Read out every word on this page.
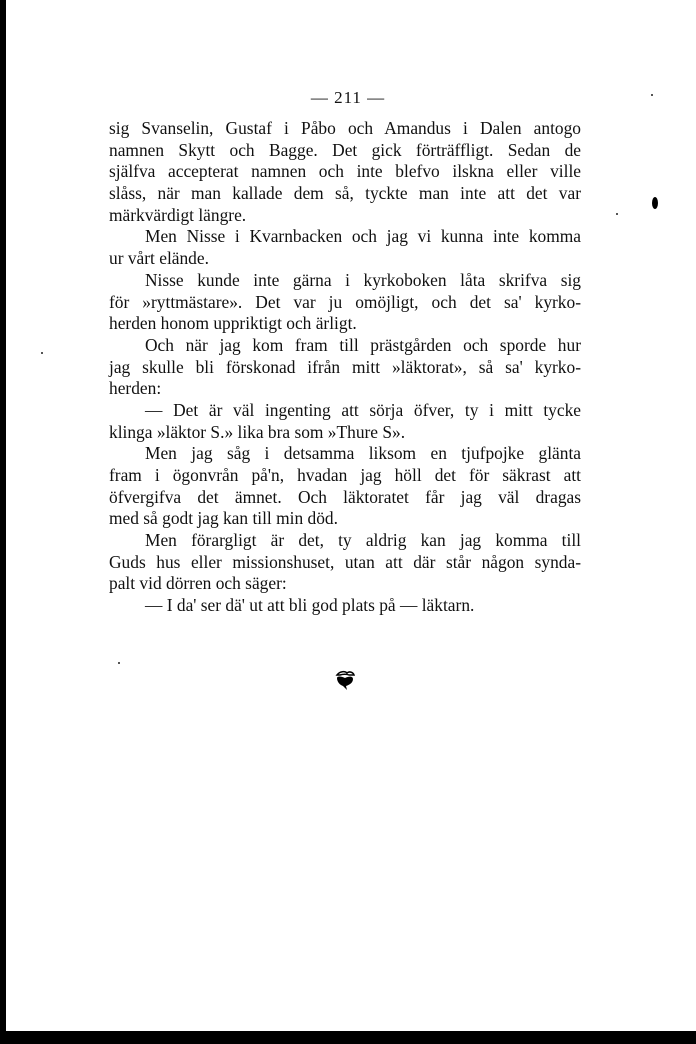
— 211 —
sig Svanselin, Gustaf i Påbo och Amandus i Dalen antogo
namnen Skytt och Bagge. Det gick förträffligt. Sedan de
själfva accepterat namnen och inte blefvo ilskna eller ville
slåss, när man kallade dem så, tyckte man inte att det var
märkvärdigt längre.
Men Nisse i Kvarnbacken och jag vi kunna inte komma
ur vårt elände.
Nisse kunde inte gärna i kyrkoboken låta skrifva sig
för »ryttmästare». Det var ju omöjligt, och det sa' kyrko-
herden honom uppriktigt och ärligt.
Och när jag kom fram till prästgården och sporde hur
jag skulle bli förskonad ifrån mitt »läktorat», så sa' kyrko-
herden:
— Det är väl ingenting att sörja öfver, ty i mitt tycke
klinga »läktor S.» lika bra som »Thure S».
Men jag såg i detsamma liksom en tjufpojke glänta
fram i ögonvrån på'n, hvadan jag höll det för säkrast att
öfvergifva det ämnet. Och läktoratet får jag väl dragas
med så godt jag kan till min död.
Men förargligt är det, ty aldrig kan jag komma till
Guds hus eller missionshuset, utan att där står någon synda-
palt vid dörren och säger:
— I da' ser dä' ut att bli god plats på — läktarn.
